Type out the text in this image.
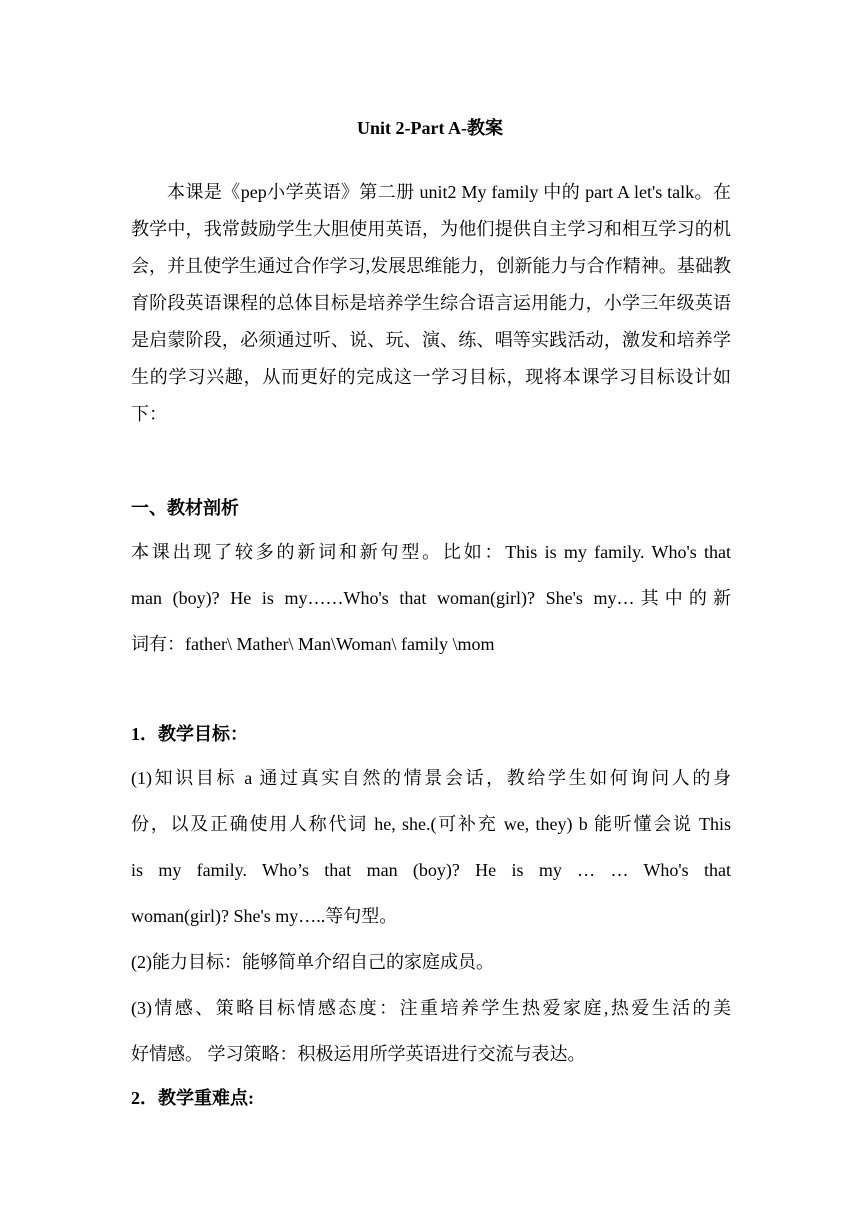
Unit 2-Part A-教案

本课是《pep小学英语》第二册 unit2 My family 中的 part A let's talk。在教学中，我常鼓励学生大胆使用英语，为他们提供自主学习和相互学习的机会，并且使学生通过合作学习,发展思维能力，创新能力与合作精神。基础教育阶段英语课程的总体目标是培养学生综合语言运用能力，小学三年级英语是启蒙阶段，必须通过听、说、玩、演、练、唱等实践活动，激发和培养学生的学习兴趣，从而更好的完成这一学习目标，现将本课学习目标设计如下：

一、教材剖析
本课出现了较多的新词和新句型。比如：This is my family. Who's that
man (boy)? He is my……Who's that woman(girl)? She's my…其中的新
词有：father\ Mather\ Man\Woman\ family \mom
1．教学目标：
(1)知识目标 a 通过真实自然的情景会话，教给学生如何询问人的身
份，以及正确使用人称代词 he, she.(可补充 we, they) b 能听懂会说 This
is my family. Who’s that man (boy)? He is my … … Who's that
woman(girl)? She's my…..等句型。
(2)能力目标：能够简单介绍自己的家庭成员。
(3)情感、策略目标情感态度：注重培养学生热爱家庭,热爱生活的美
好情感。 学习策略：积极运用所学英语进行交流与表达。
2．教学重难点:
